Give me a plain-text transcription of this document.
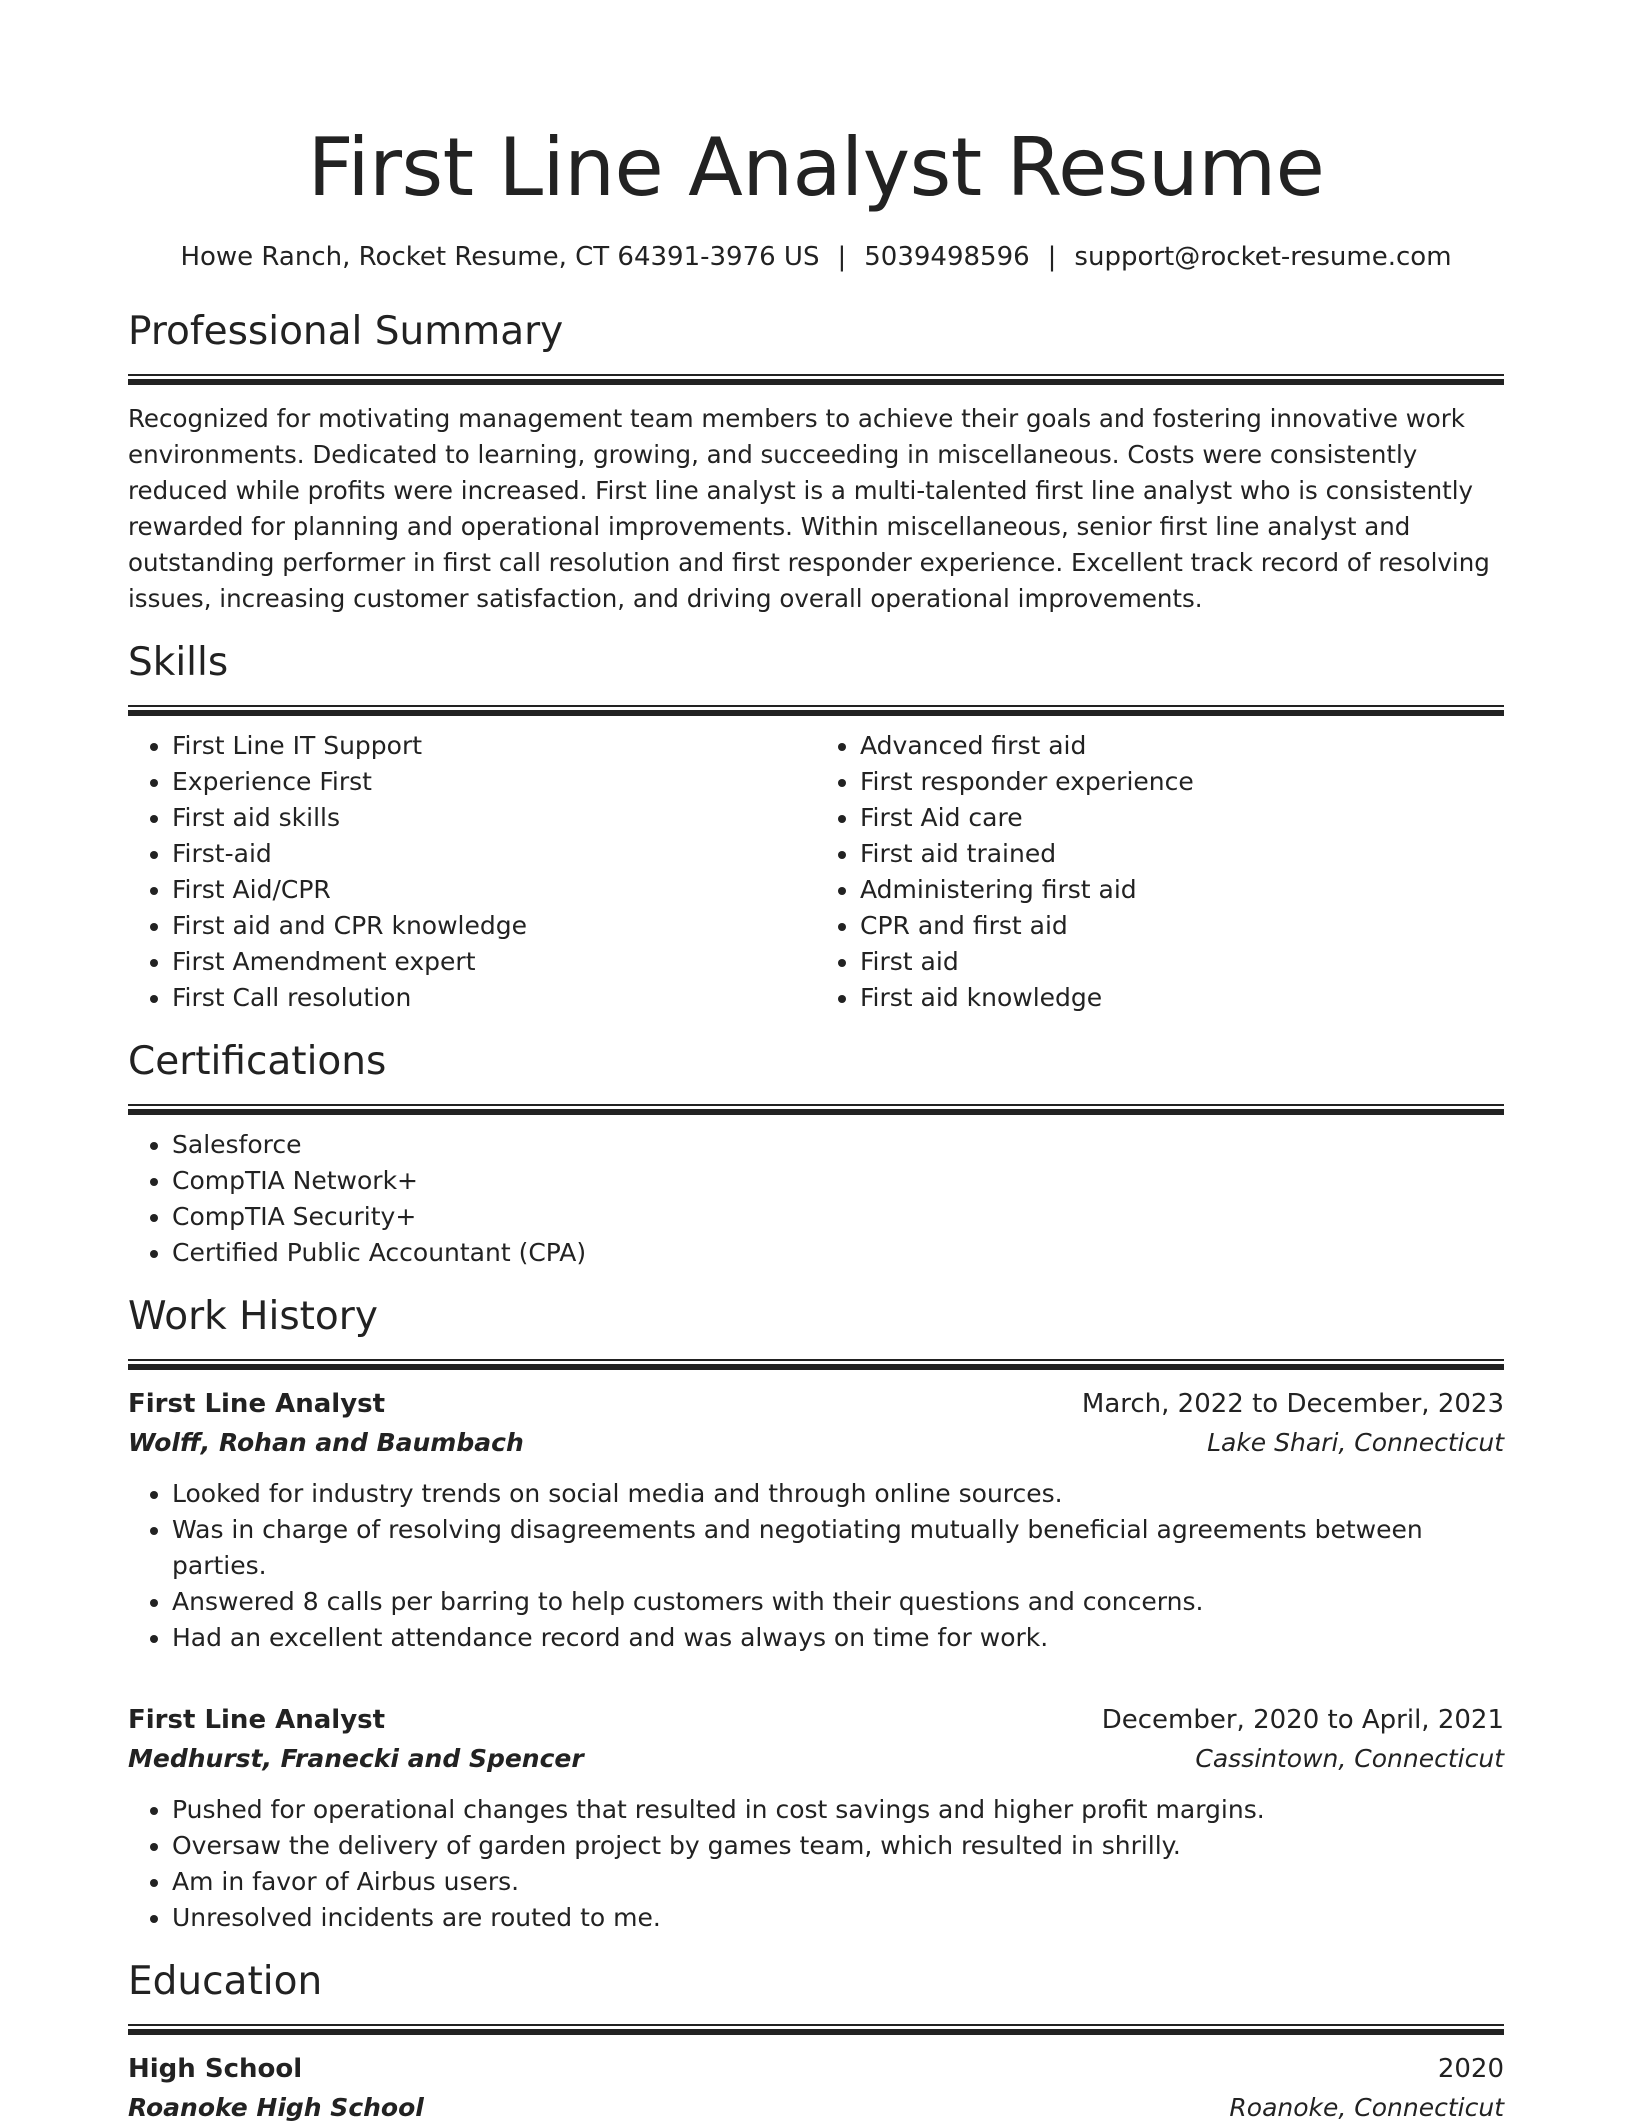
First Line Analyst Resume
Howe Ranch, Rocket Resume, CT 64391-3976 US | 5039498596 | support@rocket-resume.com
Professional Summary
Recognized for motivating management team members to achieve their goals and fostering innovative work environments. Dedicated to learning, growing, and succeeding in miscellaneous. Costs were consistently reduced while profits were increased. First line analyst is a multi-talented first line analyst who is consistently rewarded for planning and operational improvements. Within miscellaneous, senior first line analyst and outstanding performer in first call resolution and first responder experience. Excellent track record of resolving issues, increasing customer satisfaction, and driving overall operational improvements.
Skills
• First Line IT Support
• Experience First
• First aid skills
• First-aid
• First Aid/CPR
• First aid and CPR knowledge
• First Amendment expert
• First Call resolution
• Advanced first aid
• First responder experience
• First Aid care
• First aid trained
• Administering first aid
• CPR and first aid
• First aid
• First aid knowledge
Certifications
• Salesforce
• CompTIA Network+
• CompTIA Security+
• Certified Public Accountant (CPA)
Work History
First Line Analyst	March, 2022 to December, 2023
Wolff, Rohan and Baumbach	Lake Shari, Connecticut
• Looked for industry trends on social media and through online sources.
• Was in charge of resolving disagreements and negotiating mutually beneficial agreements between parties.
• Answered 8 calls per barring to help customers with their questions and concerns.
• Had an excellent attendance record and was always on time for work.
First Line Analyst	December, 2020 to April, 2021
Medhurst, Franecki and Spencer	Cassintown, Connecticut
• Pushed for operational changes that resulted in cost savings and higher profit margins.
• Oversaw the delivery of garden project by games team, which resulted in shrilly.
• Am in favor of Airbus users.
• Unresolved incidents are routed to me.
Education
High School	2020
Roanoke High School	Roanoke, Connecticut
